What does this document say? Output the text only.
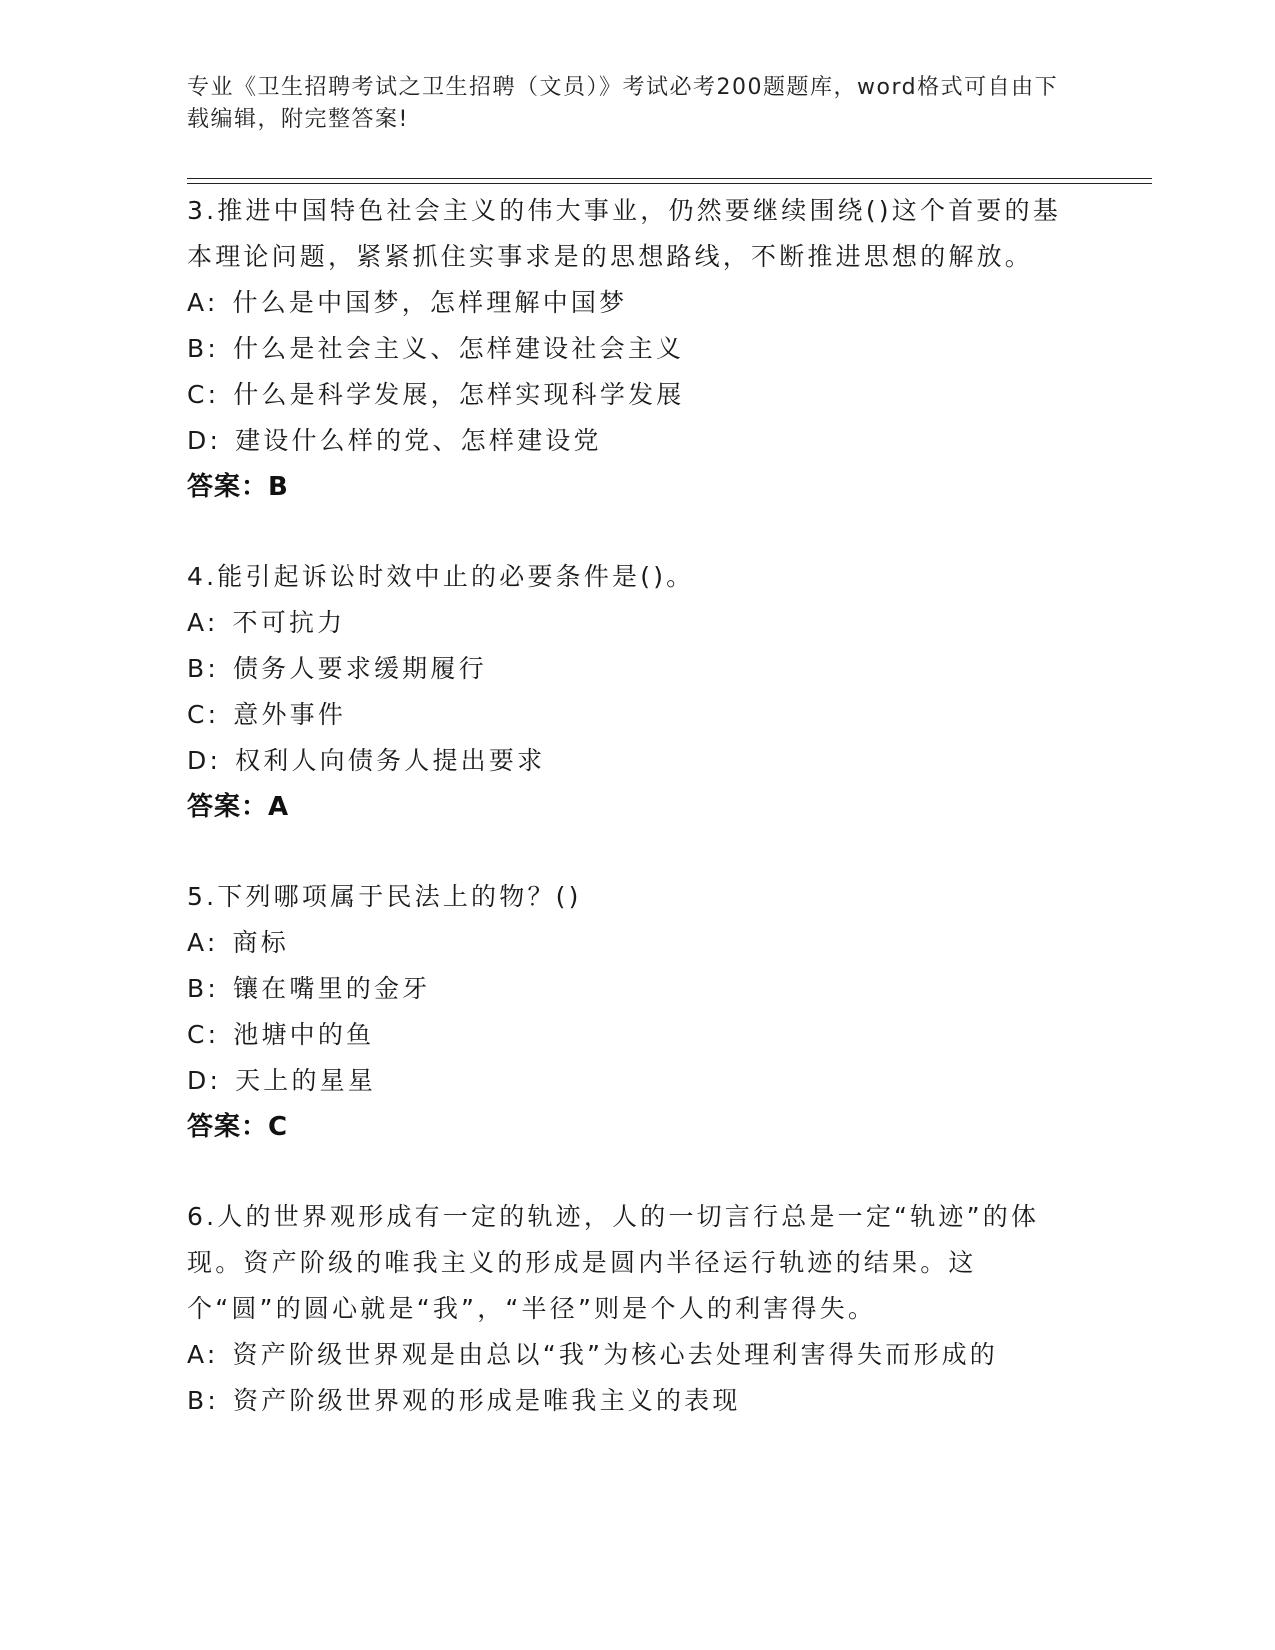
专业《卫生招聘考试之卫生招聘（文员）》考试必考200题题库，word格式可自由下载编辑，附完整答案!

3.推进中国特色社会主义的伟大事业，仍然要继续围绕()这个首要的基本理论问题，紧紧抓住实事求是的思想路线，不断推进思想的解放。

A: 什么是中国梦，怎样理解中国梦

B: 什么是社会主义、怎样建设社会主义

C: 什么是科学发展，怎样实现科学发展

D: 建设什么样的党、怎样建设党

答案：B

4.能引起诉讼时效中止的必要条件是()。

A: 不可抗力

B: 债务人要求缓期履行

C: 意外事件

D: 权利人向债务人提出要求

答案：A

5.下列哪项属于民法上的物？()

A: 商标

B: 镶在嘴里的金牙

C: 池塘中的鱼

D: 天上的星星

答案：C

6.人的世界观形成有一定的轨迹，人的一切言行总是一定“轨迹”的体现。资产阶级的唯我主义的形成是圆内半径运行轨迹的结果。这个“圆”的圆心就是“我”，“半径”则是个人的利害得失。

A: 资产阶级世界观是由总以“我”为核心去处理利害得失而形成的

B: 资产阶级世界观的形成是唯我主义的表现
